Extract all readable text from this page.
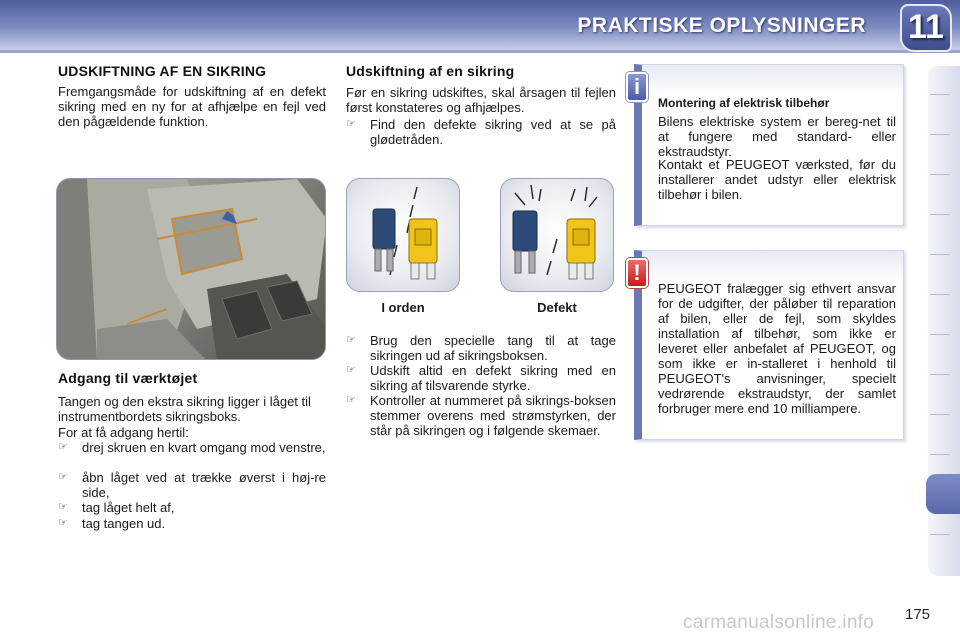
PRAKTISKE OPLYSNINGER 11
UDSKIFTNING AF EN SIKRING
Fremgangsmåde for udskiftning af en defekt sikring med en ny for at afhjælpe en fejl ved den pågældende funktion.
Adgang til værktøjet
Tangen og den ekstra sikring ligger i låget til instrumentbordets sikringsboks.
For at få adgang hertil:
☞	drej skruen en kvart omgang mod venstre,
☞	åbn låget ved at trække øverst i høj-re side,
☞	tag låget helt af,
☞	tag tangen ud.
Udskiftning af en sikring
Før en sikring udskiftes, skal årsagen til fejlen først konstateres og afhjælpes.
☞	Find den defekte sikring ved at se på glødetråden.
I orden	Defekt
☞	Brug den specielle tang til at tage sikringen ud af sikringsboksen.
☞	Udskift altid en defekt sikring med en sikring af tilsvarende styrke.
☞	Kontroller at nummeret på sikrings-boksen stemmer overens med strømstyrken, der står på sikringen og i følgende skemaer.
i
Montering af elektrisk tilbehør
Bilens elektriske system er bereg-net til at fungere med standard- eller ekstraudstyr.
Kontakt et PEUGEOT værksted, før du installerer andet udstyr eller elektrisk tilbehør i bilen.
!
PEUGEOT fralægger sig ethvert ansvar for de udgifter, der påløber til reparation af bilen, eller de fejl, som skyldes installation af tilbehør, som ikke er leveret eller anbefalet af PEUGEOT, og som ikke er in-stalleret i henhold til PEUGEOT's anvisninger, specielt vedrørende ekstraudstyr, der samlet forbruger mere end 10 milliampere.
carmanualsonline.info 175
